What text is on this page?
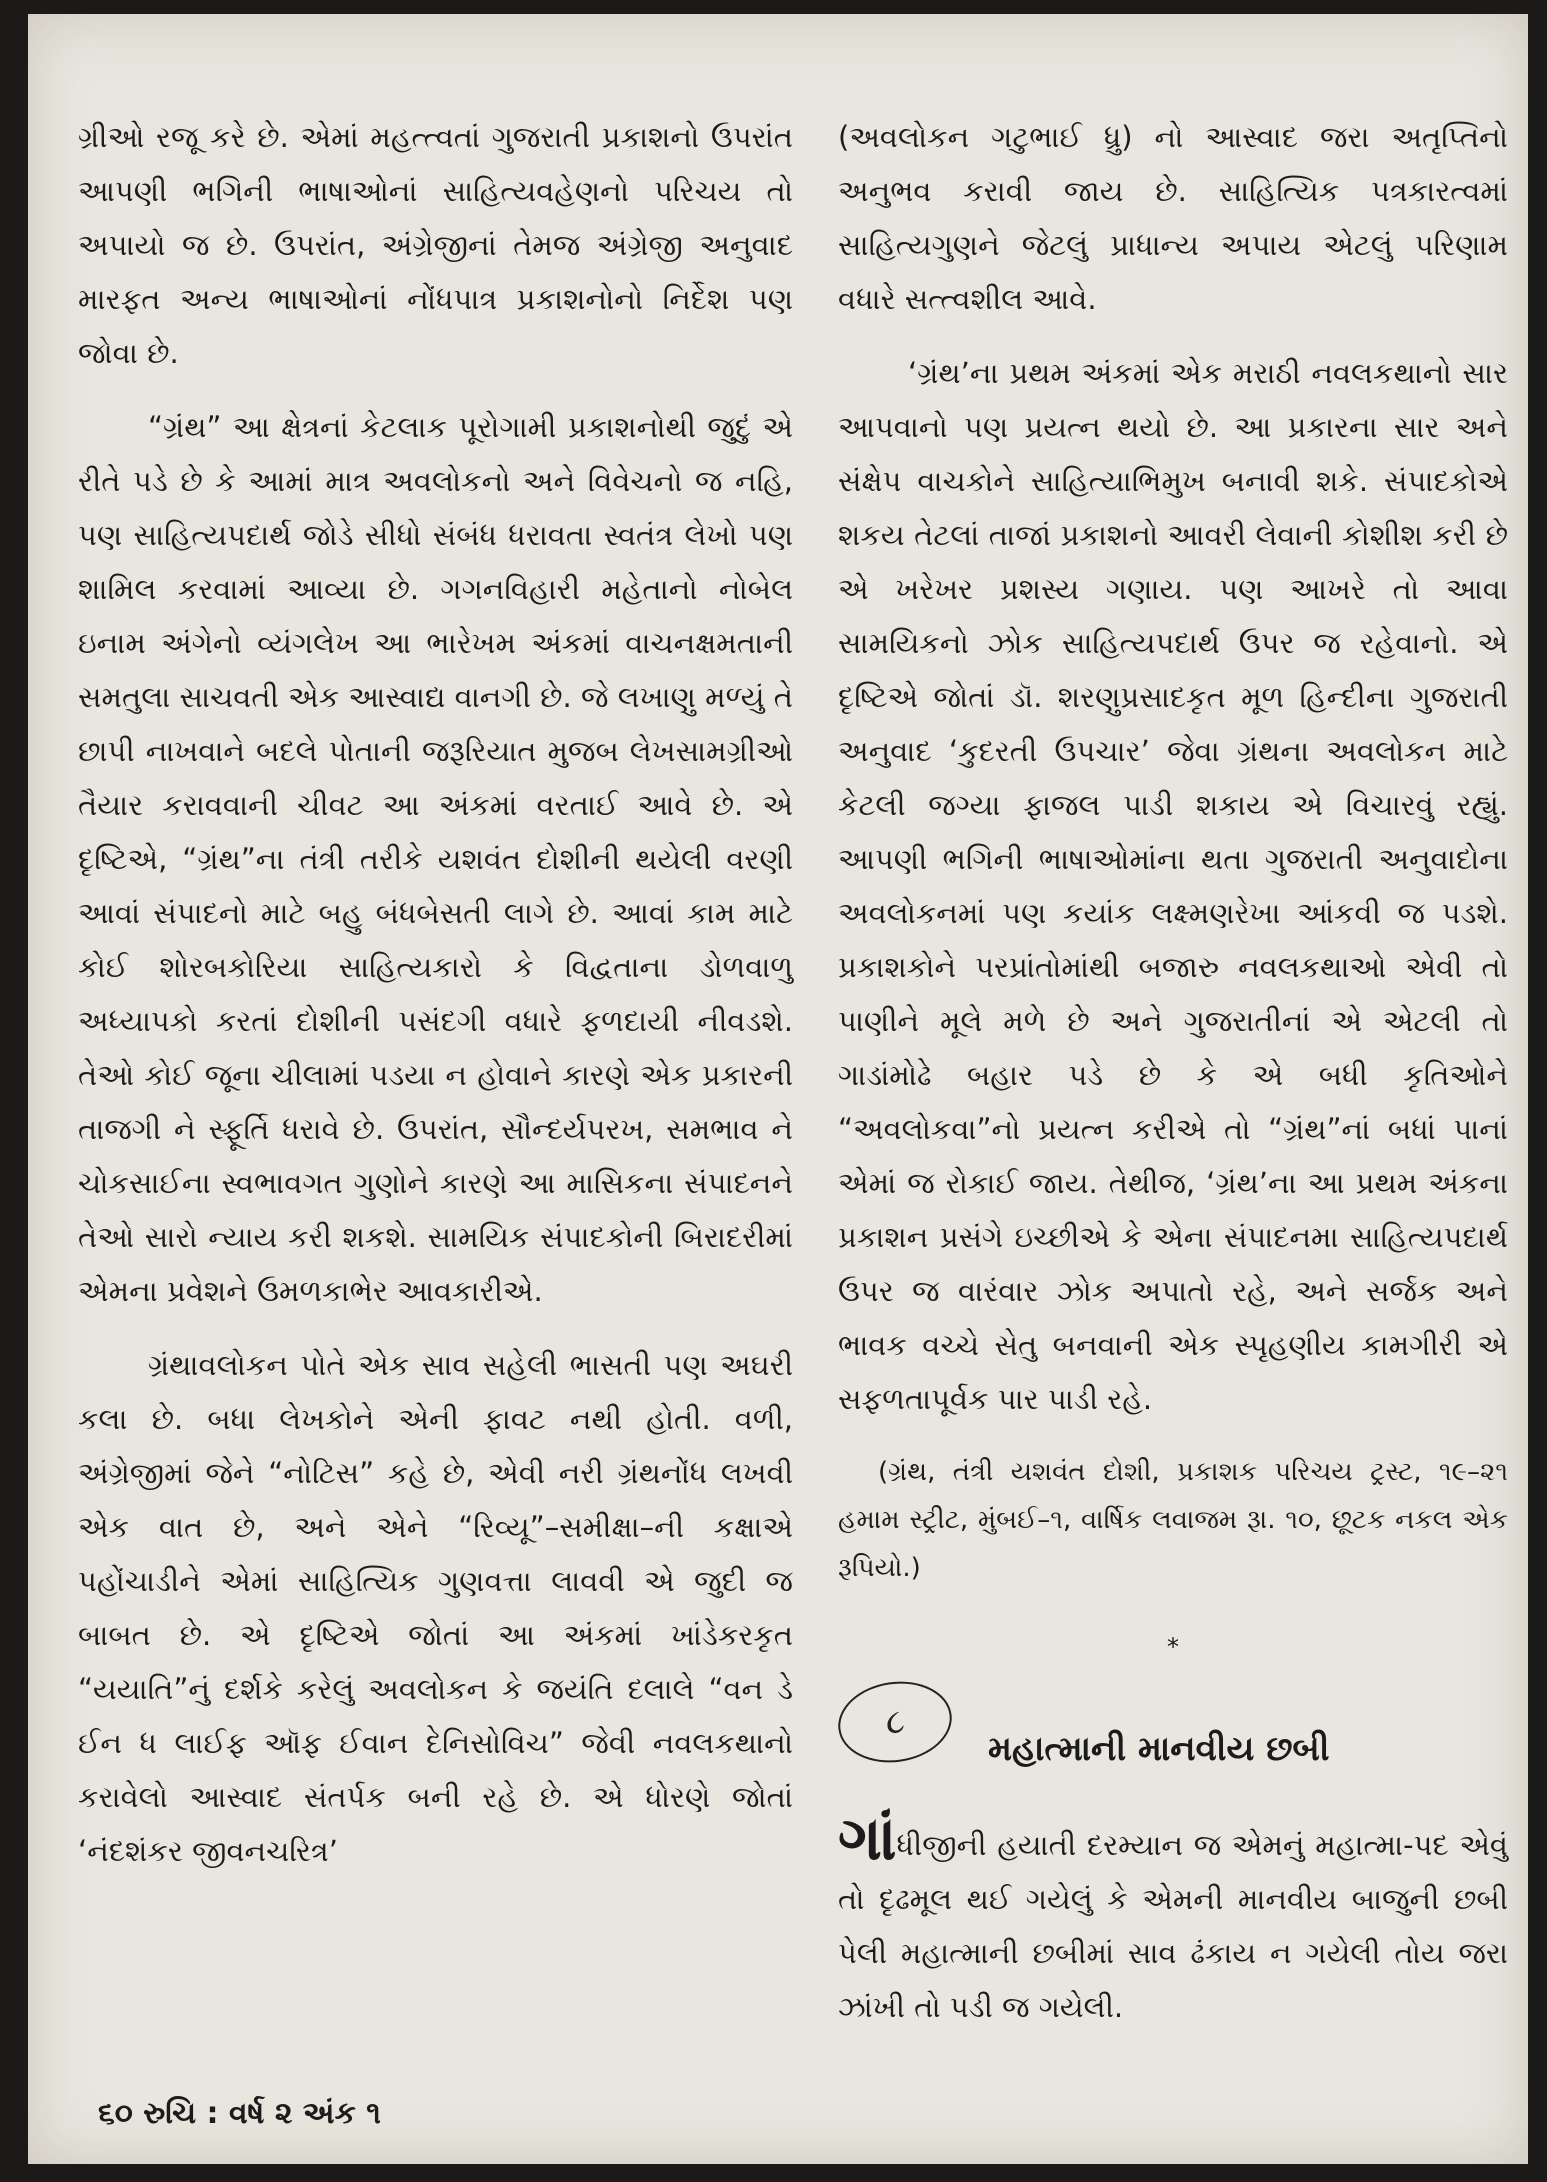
ગ્રીઓ રજૂ કરે છે. એમાં મહત્ત્વતાં ગુજરાતી પ્રકાશનો ઉપરાંત આપણી ભગિની ભાષાઓનાં સાહિત્યવહેણનો પરિચય તો અપાયો જ છે. ઉપરાંત, અંગ્રેજીનાં તેમજ અંગ્રેજી અનુવાદ મારફત અન્ય ભાષાઓનાં નોંધપાત્ર પ્રકાશનોનો નિર્દેશ પણ જોવા છે.

“ગ્રંથ” આ ક્ષેત્રનાં કેટલાક પૂરોગામી પ્રકાશનોથી જુદું એ રીતે પડે છે કે આમાં માત્ર અવલોકનો અને વિવેચનો જ નહિ, પણ સાહિત્યપદાર્થ જોડે સીધો સંબંધ ધરાવતા સ્વતંત્ર લેખો પણ શામિલ કરવામાં આવ્યા છે. ગગનવિહારી મહેતાનો નોબેલ ઇનામ અંગેનો વ્યંગલેખ આ ભારેખમ અંકમાં વાચનક્ષમતાની સમતુલા સાચવતી એક આસ્વાદ્ય વાનગી છે. જે લખાણુ મળ્યું તે છાપી નાખવાને બદલે પોતાની જરૂરિયાત મુજબ લેખસામગ્રીઓ તૈયાર કરાવવાની ચીવટ આ અંકમાં વરતાઈ આવે છે. એ દૃષ્ટિએ, “ગ્રંથ”ના તંત્રી તરીકે યશવંત દોશીની થયેલી વરણી આવાં સંપાદનો માટે બહુ બંધબેસતી લાગે છે. આવાં કામ માટે કોઈ શોરબકોરિયા સાહિત્યકારો કે વિદ્વતાના ડોળવાળુ અધ્યાપકો કરતાં દોશીની પસંદગી વધારે ફળદાયી નીવડશે. તેઓ કોઈ જૂના ચીલામાં પડયા ન હોવાને કારણે એક પ્રકારની તાજગી ને સ્ફૂર્તિ ધરાવે છે. ઉપરાંત, સૌન્દર્યપરખ, સમભાવ ને ચોકસાઈના સ્વભાવગત ગુણોને કારણે આ માસિકના સંપાદનને તેઓ સારો ન્યાય કરી શકશે. સામયિક સંપાદકોની બિરાદરીમાં એમના પ્રવેશને ઉમળકાભેર આવકારીએ.

ગ્રંથાવલોકન પોતે એક સાવ સહેલી ભાસતી પણ અઘરી કલા છે. બધા લેખકોને એની ફાવટ નથી હોતી. વળી, અંગ્રેજીમાં જેને “નોટિસ” કહે છે, એવી નરી ગ્રંથનોંધ લખવી એક વાત છે, અને એને “રિવ્યૂ”–સમીક્ષા–ની કક્ષાએ પહોંચાડીને એમાં સાહિત્યિક ગુણવત્તા લાવવી એ જુદી જ બાબત છે. એ દૃષ્ટિએ જોતાં આ અંકમાં ખાંડેકરકૃત “યયાતિ”નું દર્શકે કરેલું અવલોકન કે જયંતિ દલાલે “વન ડે ઈન ધ લાઈફ ઑફ ઈવાન દેનિસોવિચ” જેવી નવલકથાનો કરાવેલો આસ્વાદ સંતર્પક બની રહે છે. એ ધોરણે જોતાં ‘નંદશંકર જીવનચરિત્ર’

(અવલોકન ગટુભાઈ ધ્રુ) નો આસ્વાદ જરા અતૃપ્તિનો અનુભવ કરાવી જાય છે. સાહિત્યિક પત્રકારત્વમાં સાહિત્યગુણને જેટલું પ્રાધાન્ય અપાય એટલું પરિણામ વધારે સત્ત્વશીલ આવે.

‘ગ્રંથ’ના પ્રથમ અંકમાં એક મરાઠી નવલકથાનો સાર આપવાનો પણ પ્રયત્ન થયો છે. આ પ્રકારના સાર અને સંક્ષેપ વાચકોને સાહિત્યાભિમુખ બનાવી શકે. સંપાદકોએ શકય તેટલાં તાજાં પ્રકાશનો આવરી લેવાની કોશીશ કરી છે એ ખરેખર પ્રશસ્ય ગણાય. પણ આખરે તો આવા સામયિકનો ઝોક સાહિત્યપદાર્થ ઉપર જ રહેવાનો. એ દૃષ્ટિએ જોતાં ડૉ. શરણુપ્રસાદકૃત મૂળ હિન્દીના ગુજરાતી અનુવાદ ‘કુદરતી ઉપચાર’ જેવા ગ્રંથના અવલોકન માટે કેટલી જગ્યા ફાજલ પાડી શકાય એ વિચારવું રહ્યું. આપણી ભગિની ભાષાઓમાંના થતા ગુજરાતી અનુવાદોના અવલોકનમાં પણ કયાંક લક્ષ્મણરેખા આંકવી જ પડશે. પ્રકાશકોને પરપ્રાંતોમાંથી બજારુ નવલકથાઓ એવી તો પાણીને મૂલે મળે છે અને ગુજરાતીનાં એ એટલી તો ગાડાંમોઢે બહાર પડે છે કે એ બધી કૃતિઓને “અવલોકવા”નો પ્રયત્ન કરીએ તો “ગ્રંથ”નાં બધાં પાનાં એમાં જ રોકાઈ જાય. તેથીજ, ‘ગ્રંથ’ના આ પ્રથમ અંકના પ્રકાશન પ્રસંગે ઇચ્છીએ કે એના સંપાદનમા સાહિત્યપદાર્થ ઉપર જ વારંવાર ઝોક અપાતો રહે, અને સર્જક અને ભાવક વચ્ચે સેતુ બનવાની એક સ્પૃહણીય કામગીરી એ સફળતાપૂર્વક પાર પાડી રહે.

(ગ્રંથ, તંત્રી યશવંત દોશી, પ્રકાશક પરિચય ટ્રસ્ટ, ૧૯–૨૧ હમામ સ્ટ્રીટ, મુંબઈ–૧, વાર્ષિક લવાજમ રૂા. ૧૦, છૂટક નકલ એક રૂપિયો.)

*
૮
મહાત્માની માનવીય છબી

ગાંધીજીની હયાતી દરમ્યાન જ એમનું મહાત્મા-પદ એવું તો દૃઢમૂલ થઈ ગયેલું કે એમની માનવીય બાજુની છબી પેલી મહાત્માની છબીમાં સાવ ઢંકાય ન ગયેલી તોય જરા ઝાંખી તો પડી જ ગયેલી.

૬૦ રુચિ : વર્ષ ૨ અંક ૧
